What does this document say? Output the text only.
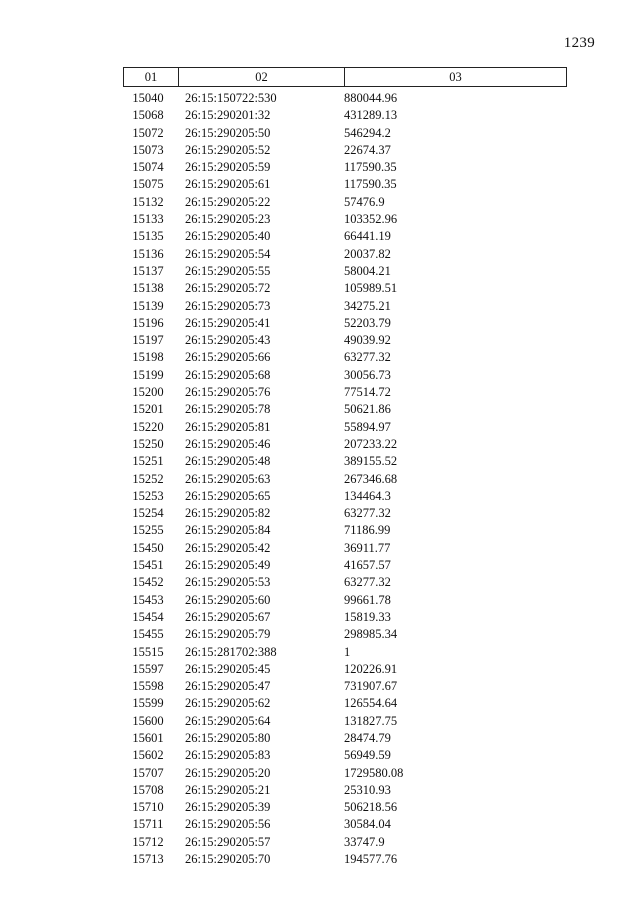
1239
01	02	03
15040	26:15:150722:530	880044.96
15068	26:15:290201:32	431289.13
15072	26:15:290205:50	546294.2
15073	26:15:290205:52	22674.37
15074	26:15:290205:59	117590.35
15075	26:15:290205:61	117590.35
15132	26:15:290205:22	57476.9
15133	26:15:290205:23	103352.96
15135	26:15:290205:40	66441.19
15136	26:15:290205:54	20037.82
15137	26:15:290205:55	58004.21
15138	26:15:290205:72	105989.51
15139	26:15:290205:73	34275.21
15196	26:15:290205:41	52203.79
15197	26:15:290205:43	49039.92
15198	26:15:290205:66	63277.32
15199	26:15:290205:68	30056.73
15200	26:15:290205:76	77514.72
15201	26:15:290205:78	50621.86
15220	26:15:290205:81	55894.97
15250	26:15:290205:46	207233.22
15251	26:15:290205:48	389155.52
15252	26:15:290205:63	267346.68
15253	26:15:290205:65	134464.3
15254	26:15:290205:82	63277.32
15255	26:15:290205:84	71186.99
15450	26:15:290205:42	36911.77
15451	26:15:290205:49	41657.57
15452	26:15:290205:53	63277.32
15453	26:15:290205:60	99661.78
15454	26:15:290205:67	15819.33
15455	26:15:290205:79	298985.34
15515	26:15:281702:388	1
15597	26:15:290205:45	120226.91
15598	26:15:290205:47	731907.67
15599	26:15:290205:62	126554.64
15600	26:15:290205:64	131827.75
15601	26:15:290205:80	28474.79
15602	26:15:290205:83	56949.59
15707	26:15:290205:20	1729580.08
15708	26:15:290205:21	25310.93
15710	26:15:290205:39	506218.56
15711	26:15:290205:56	30584.04
15712	26:15:290205:57	33747.9
15713	26:15:290205:70	194577.76
